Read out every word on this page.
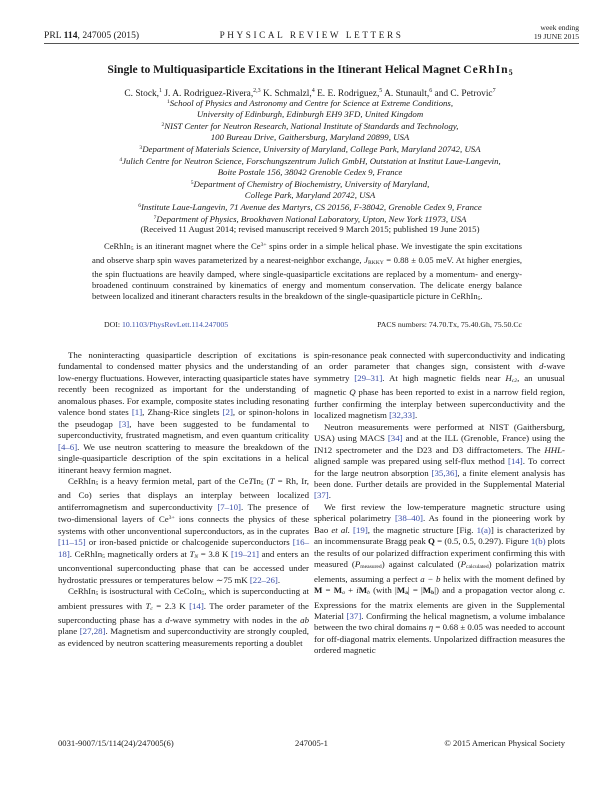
PRL 114, 247005 (2015)	PHYSICAL REVIEW LETTERS
week ending
19 JUNE 2015
Single to Multiquasiparticle Excitations in the Itinerant Helical Magnet CeRhIn$_5$
C. Stock,$^1$ J. A. Rodriguez-Rivera,$^{2,3}$ K. Schmalzl,$^4$ E. E. Rodriguez,$^5$ A. Stunault,$^6$ and C. Petrovic$^7$
$^1$School of Physics and Astronomy and Centre for Science at Extreme Conditions,
University of Edinburgh, Edinburgh EH9 3FD, United Kingdom
$^2$NIST Center for Neutron Research, National Institute of Standards and Technology,
100 Bureau Drive, Gaithersburg, Maryland 20899, USA
$^3$Department of Materials Science, University of Maryland, College Park, Maryland 20742, USA
$^4$Julich Centre for Neutron Science, Forschungszentrum Julich GmbH, Outstation at Institut Laue-Langevin,
Boite Postale 156, 38042 Grenoble Cedex 9, France
$^5$Department of Chemistry of Biochemistry, University of Maryland,
College Park, Maryland 20742, USA
$^6$Institute Laue-Langevin, 71 Avenue des Martyrs, CS 20156, F-38042, Grenoble Cedex 9, France
$^7$Department of Physics, Brookhaven National Laboratory, Upton, New York 11973, USA
(Received 11 August 2014; revised manuscript received 9 March 2015; published 19 June 2015)

CeRhIn$_5$ is an itinerant magnet where the $Ce^{3+}$ spins order in a simple helical phase. We investigate the spin excitations and observe sharp spin waves parameterized by a nearest-neighbor exchange, $J_{RKKY} = 0.88 \pm 0.05$ meV. At higher energies, the spin fluctuations are heavily damped, where single-quasiparticle excitations are replaced by a momentum- and energy-broadened continuum constrained by kinematics of energy and momentum conservation. The delicate energy balance between localized and itinerant characters results in the breakdown of the single-quasiparticle picture in CeRhIn$_5$.

DOI: 10.1103/PhysRevLett.114.247005	PACS numbers: 74.70.Tx, 75.40.Gh, 75.50.Cc

The noninteracting quasiparticle description of excitations is fundamental to condensed matter physics and the understanding of low-energy fluctuations. However, interacting quasiparticle states have recently been recognized as important for the understanding of anomalous phases. For example, composite states including resonating valence bond states [1], Zhang-Rice singlets [2], or spinon-holons in the pseudogap [3], have been suggested to be fundamental to superconductivity, frustrated magnetism, and even quantum criticality [4–6]. We use neutron scattering to measure the breakdown of the single-quasiparticle description of the spin excitations in a helical itinerant heavy fermion magnet.

CeRhIn$_5$ is a heavy fermion metal, part of the CeTIn$_5$ (T = Rh, Ir, and Co) series that displays an interplay between localized antiferromagnetism and superconductivity [7–10]. The presence of two-dimensional layers of $Ce^{3+}$ ions connects the physics of these systems with other unconventional superconductors, as in the cuprates [11–15] or iron-based pnictide or chalcogenide superconductors [16–18]. CeRhIn$_5$ magnetically orders at $T_N = 3.8$ K [19–21] and enters an unconventional superconducting phase that can be accessed under hydrostatic pressures or temperatures below ∼75 mK [22–26].

CeRhIn$_5$ is isostructural with CeCoIn$_5$, which is superconducting at ambient pressures with $T_c = 2.3$ K [14]. The order parameter of the superconducting phase has a d-wave symmetry with nodes in the ab plane [27,28]. Magnetism and superconductivity are strongly coupled, as evidenced by neutron scattering measurements reporting a doublet

spin-resonance peak connected with superconductivity and indicating an order parameter that changes sign, consistent with d-wave symmetry [29–31]. At high magnetic fields near $H_{c2}$, an unusual magnetic Q phase has been reported to exist in a narrow field region, further confirming the interplay between superconductivity and the localized magnetism [32,33].

Neutron measurements were performed at NIST (Gaithersburg, USA) using MACS [34] and at the ILL (Grenoble, France) using the IN12 spectrometer and the D23 and D3 diffractometers. The HHL-aligned sample was prepared using self-flux method [14]. To correct for the large neutron absorption [35,36], a finite element analysis has been done. Further details are provided in the Supplemental Material [37].

We first review the low-temperature magnetic structure using spherical polarimetry [38–40]. As found in the pioneering work by Bao et al. [19], the magnetic structure [Fig. 1(a)] is characterized by an incommensurate Bragg peak Q = (0.5, 0.5, 0.297). Figure 1(b) plots the results of our polarized diffraction experiment confirming this with measured $(P_{measured})$ against calculated $(P_{calculated})$ polarization matrix elements, assuming a perfect a − b helix with the moment defined by $M = M_a + iM_b$ (with $|M_a| = |M_b|$) and a propagation vector along c. Expressions for the matrix elements are given in the Supplemental Material [37]. Confirming the helical magnetism, a volume imbalance between the two chiral domains η = 0.68 ± 0.05 was needed to account for off-diagonal matrix elements. Unpolarized diffraction measures the ordered magnetic

0031-9007/15/114(24)/247005(6)	247005-1	© 2015 American Physical Society
